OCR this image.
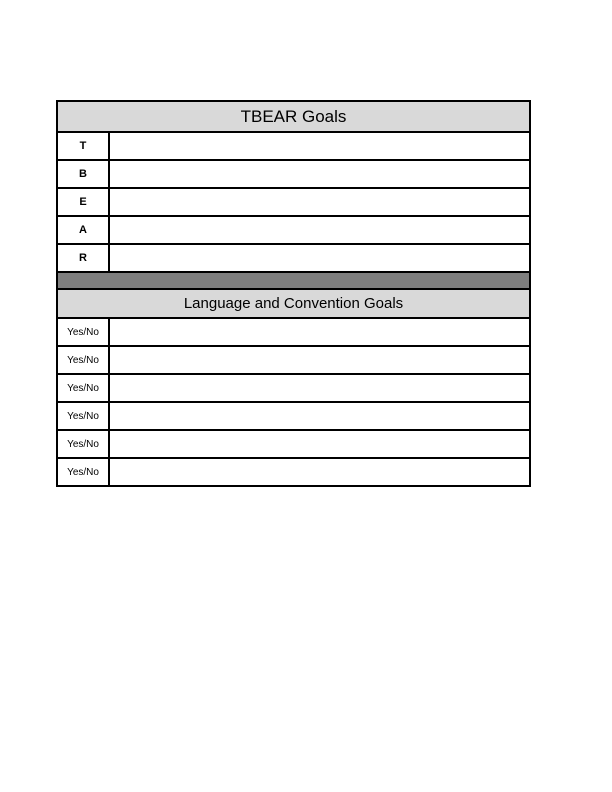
TBEAR Goals	
T	
B	
E	
A	
R	

Language and Convention Goals	
Yes/No	
Yes/No	
Yes/No	
Yes/No	
Yes/No	
Yes/No	
